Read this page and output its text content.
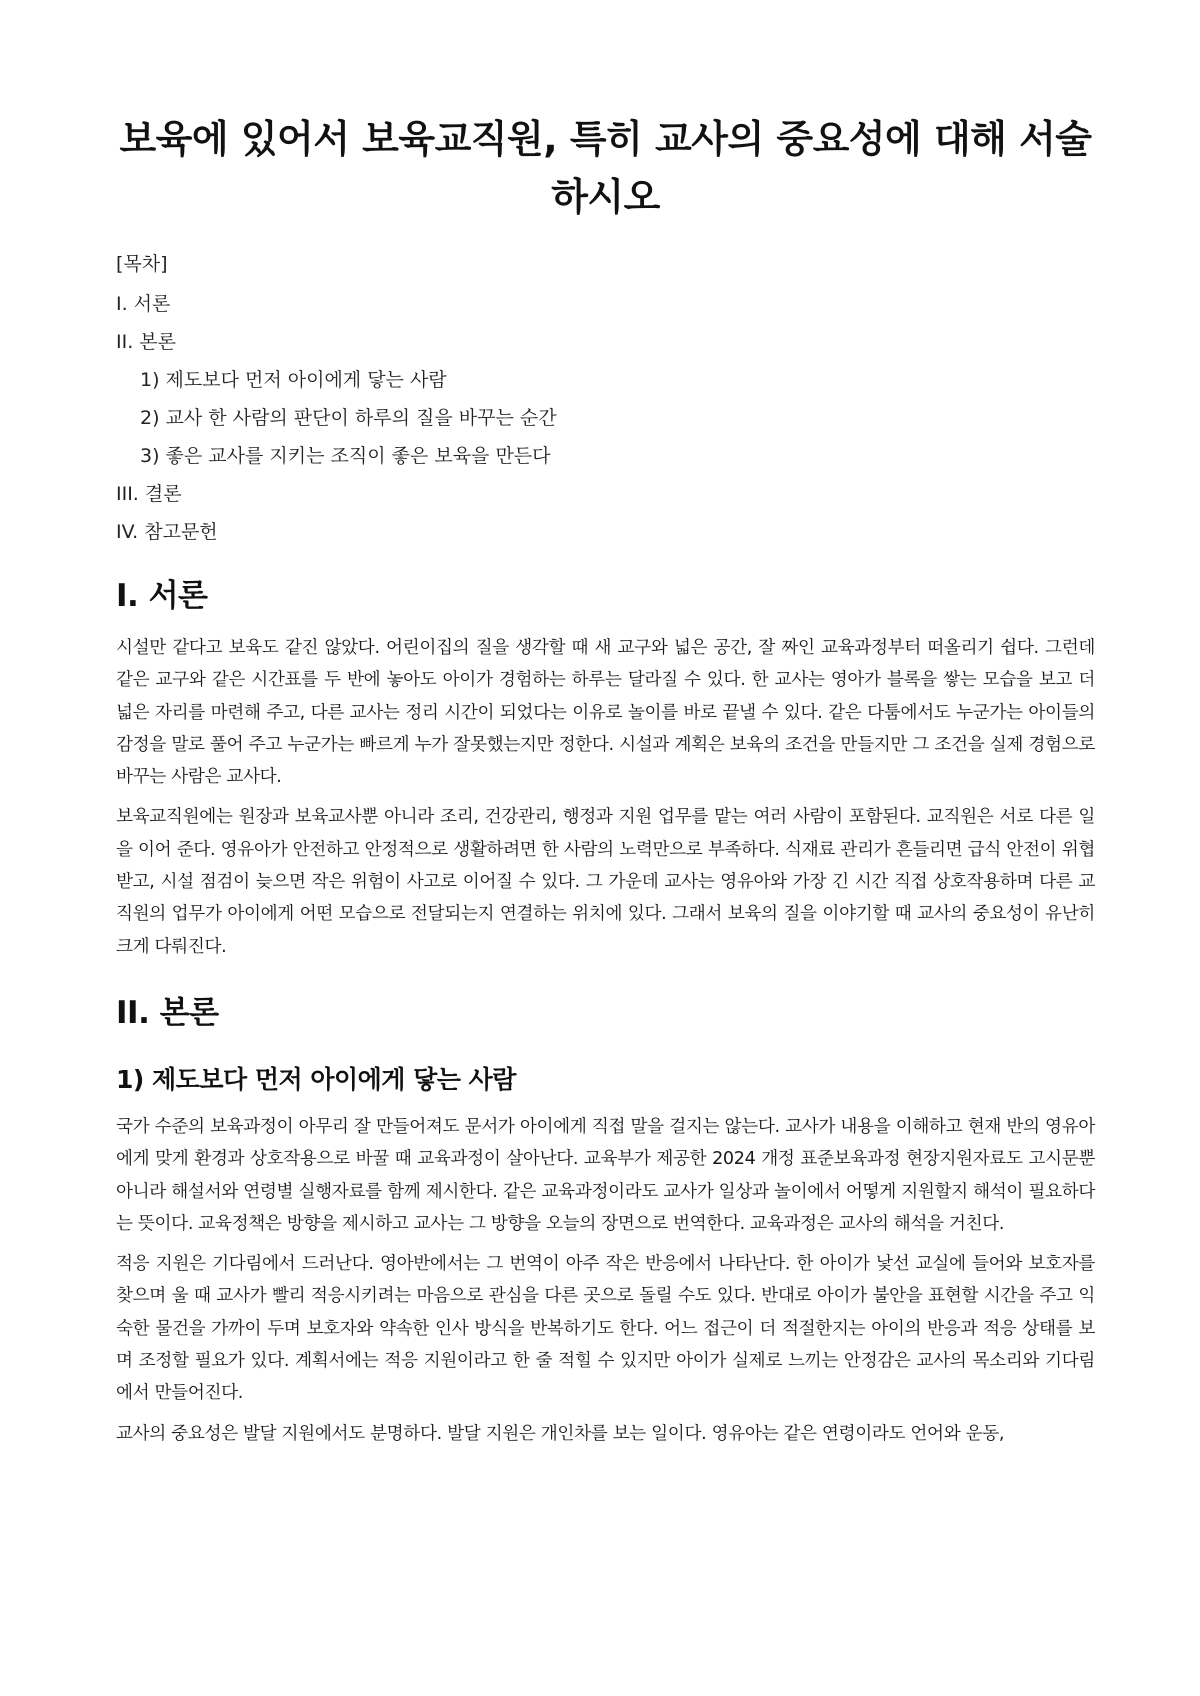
보육에 있어서 보육교직원, 특히 교사의 중요성에 대해 서술하시오
[목차]
I. 서론
II. 본론
1) 제도보다 먼저 아이에게 닿는 사람
2) 교사 한 사람의 판단이 하루의 질을 바꾸는 순간
3) 좋은 교사를 지키는 조직이 좋은 보육을 만든다
III. 결론
IV. 참고문헌
I. 서론

시설만 같다고 보육도 같진 않았다. 어린이집의 질을 생각할 때 새 교구와 넓은 공간, 잘 짜인 교육과정부터 떠올리기 쉽다. 그런데 같은 교구와 같은 시간표를 두 반에 놓아도 아이가 경험하는 하루는 달라질 수 있다. 한 교사는 영아가 블록을 쌓는 모습을 보고 더 넓은 자리를 마련해 주고, 다른 교사는 정리 시간이 되었다는 이유로 놀이를 바로 끝낼 수 있다. 같은 다툼에서도 누군가는 아이들의 감정을 말로 풀어 주고 누군가는 빠르게 누가 잘못했는지만 정한다. 시설과 계획은 보육의 조건을 만들지만 그 조건을 실제 경험으로 바꾸는 사람은 교사다.

보육교직원에는 원장과 보육교사뿐 아니라 조리, 건강관리, 행정과 지원 업무를 맡는 여러 사람이 포함된다. 교직원은 서로 다른 일을 이어 준다. 영유아가 안전하고 안정적으로 생활하려면 한 사람의 노력만으로 부족하다. 식재료 관리가 흔들리면 급식 안전이 위협받고, 시설 점검이 늦으면 작은 위험이 사고로 이어질 수 있다. 그 가운데 교사는 영유아와 가장 긴 시간 직접 상호작용하며 다른 교직원의 업무가 아이에게 어떤 모습으로 전달되는지 연결하는 위치에 있다. 그래서 보육의 질을 이야기할 때 교사의 중요성이 유난히 크게 다뤄진다.

II. 본론
1) 제도보다 먼저 아이에게 닿는 사람

국가 수준의 보육과정이 아무리 잘 만들어져도 문서가 아이에게 직접 말을 걸지는 않는다. 교사가 내용을 이해하고 현재 반의 영유아에게 맞게 환경과 상호작용으로 바꿀 때 교육과정이 살아난다. 교육부가 제공한 2024 개정 표준보육과정 현장지원자료도 고시문뿐 아니라 해설서와 연령별 실행자료를 함께 제시한다. 같은 교육과정이라도 교사가 일상과 놀이에서 어떻게 지원할지 해석이 필요하다는 뜻이다. 교육정책은 방향을 제시하고 교사는 그 방향을 오늘의 장면으로 번역한다. 교육과정은 교사의 해석을 거친다.

적응 지원은 기다림에서 드러난다. 영아반에서는 그 번역이 아주 작은 반응에서 나타난다. 한 아이가 낯선 교실에 들어와 보호자를 찾으며 울 때 교사가 빨리 적응시키려는 마음으로 관심을 다른 곳으로 돌릴 수도 있다. 반대로 아이가 불안을 표현할 시간을 주고 익숙한 물건을 가까이 두며 보호자와 약속한 인사 방식을 반복하기도 한다. 어느 접근이 더 적절한지는 아이의 반응과 적응 상태를 보며 조정할 필요가 있다. 계획서에는 적응 지원이라고 한 줄 적힐 수 있지만 아이가 실제로 느끼는 안정감은 교사의 목소리와 기다림에서 만들어진다.

교사의 중요성은 발달 지원에서도 분명하다. 발달 지원은 개인차를 보는 일이다. 영유아는 같은 연령이라도 언어와 운동,
